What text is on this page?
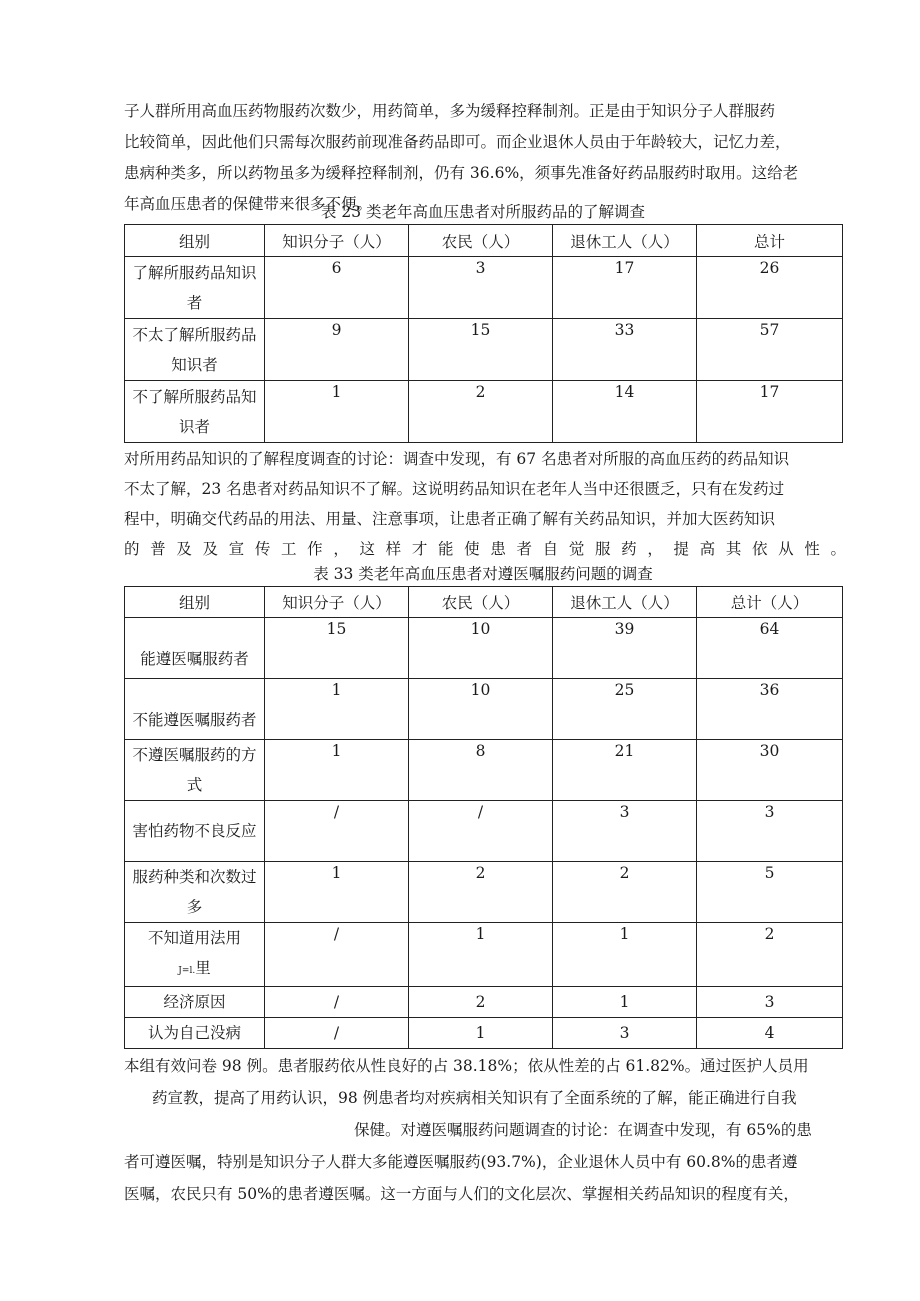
子人群所用高血压药物服药次数少，用药简单，多为缓释控释制剂。正是由于知识分子人群服药
比较简单，因此他们只需每次服药前现准备药品即可。而企业退休人员由于年龄较大，记忆力差，
患病种类多，所以药物虽多为缓释控释制剂，仍有 36.6%，须事先准备好药品服药时取用。这给老
年高血压患者的保健带来很多不便。
表 23 类老年高血压患者对所服药品的了解调查
组别	知识分子（人）	农民（人）	退休工人（人）	总计

了解所服药品知识
者	6	3	17	26

不太了解所服药品
知识者	9	15	33	57

不了解所服药品知
识者	1	2	14	17
对所用药品知识的了解程度调查的讨论：调查中发现，有 67 名患者对所服的高血压药的药品知识
不太了解，23 名患者对药品知识不了解。这说明药品知识在老年人当中还很匮乏，只有在发药过
程中，明确交代药品的用法、用量、注意事项，让患者正确了解有关药品知识，并加大医药知识
的普及及宣传工作，这样才能使患者自觉服药，提高其依从性。
表 33 类老年高血压患者对遵医嘱服药问题的调查
组别	知识分子（人）	农民（人）	退休工人（人）	总计（人）
能遵医嘱服药者	15	10	39	64
不能遵医嘱服药者	1	10	25	36

不遵医嘱服药的方
式	1	8	21	30
害怕药物不良反应	/	/	3	3

服药种类和次数过
多	1	2	2	5

不知道用法用
J=l.里	/	1	1	2
经济原因	/	2	1	3
认为自己没病	/	1	3	4
本组有效问卷 98 例。患者服药依从性良好的占 38.18%；依从性差的占 61.82%。通过医护人员用
药宣教，提高了用药认识，98 例患者均对疾病相关知识有了全面系统的了解，能正确进行自我
保健。对遵医嘱服药问题调查的讨论：在调查中发现，有 65%的患
者可遵医嘱，特别是知识分子人群大多能遵医嘱服药(93.7%)，企业退休人员中有 60.8%的患者遵
医嘱，农民只有 50%的患者遵医嘱。这一方面与人们的文化层次、掌握相关药品知识的程度有关，
